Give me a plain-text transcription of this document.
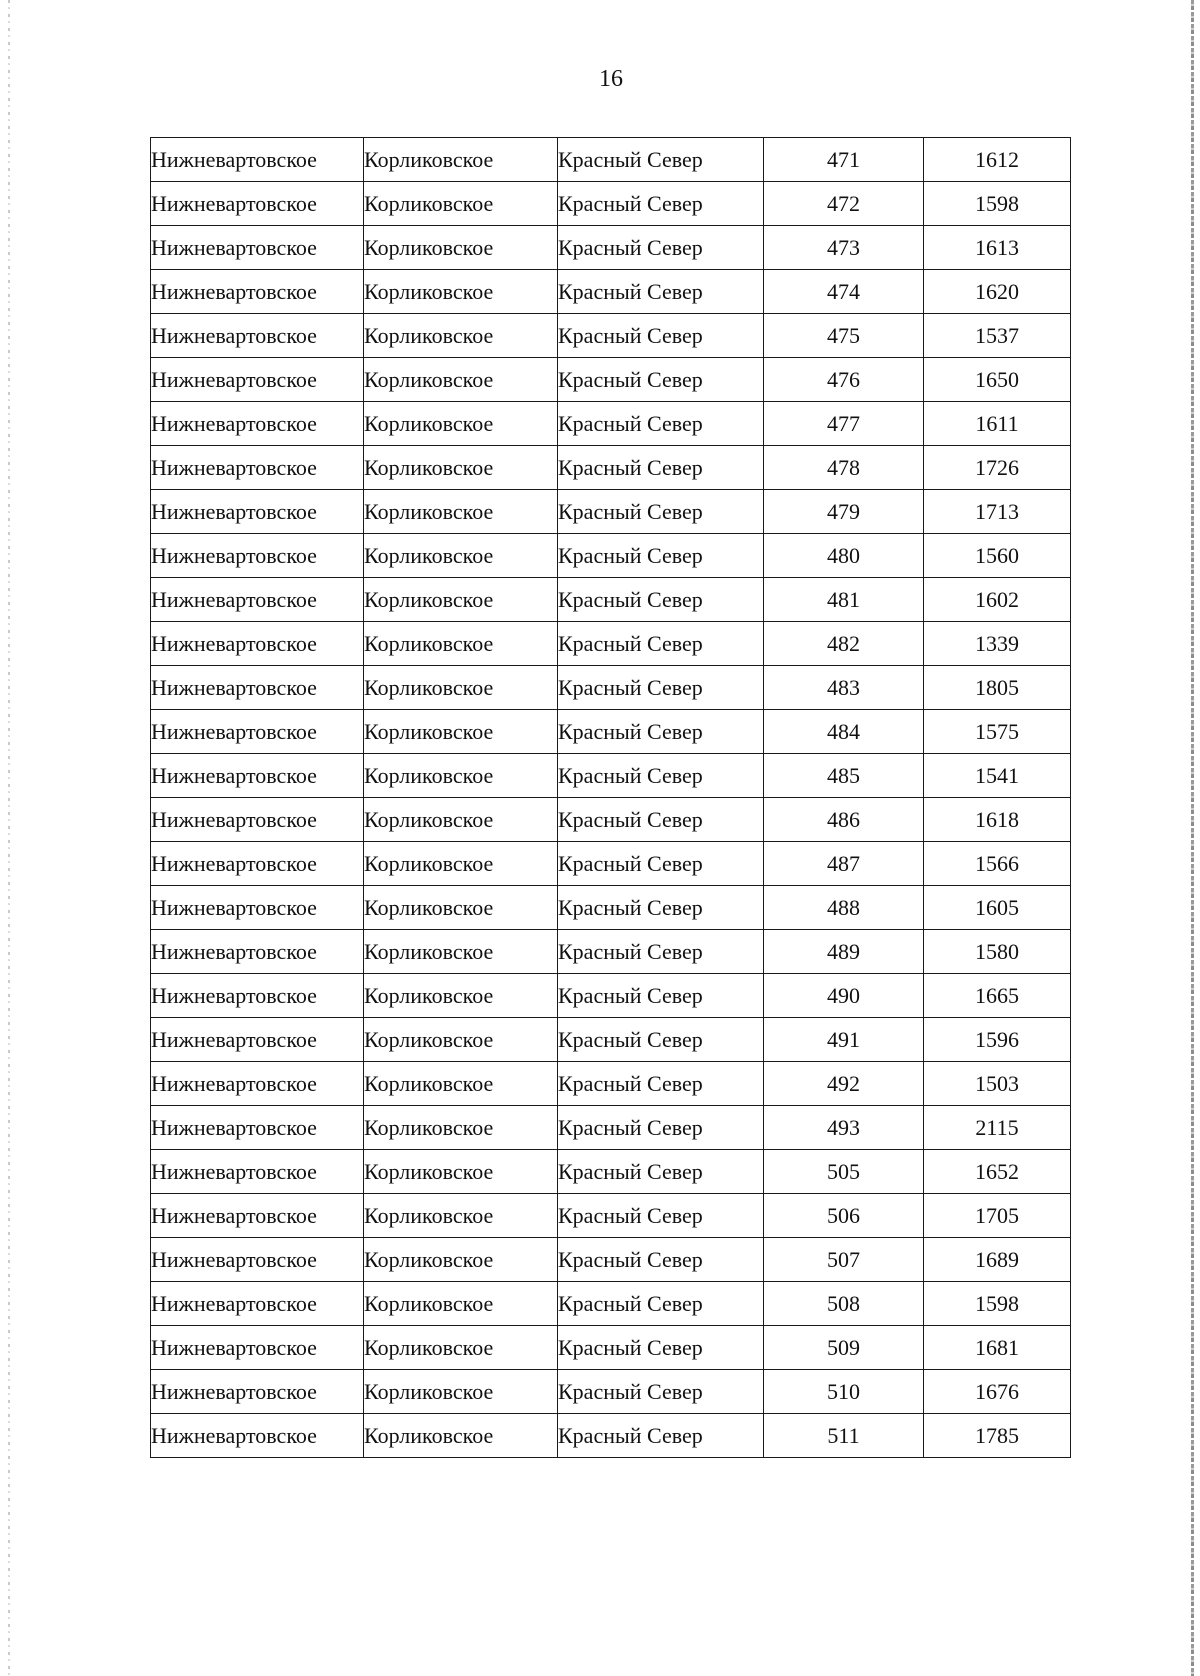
16
Нижневартовское	Корликовское	Красный Север	471	1612
Нижневартовское	Корликовское	Красный Север	472	1598
Нижневартовское	Корликовское	Красный Север	473	1613
Нижневартовское	Корликовское	Красный Север	474	1620
Нижневартовское	Корликовское	Красный Север	475	1537
Нижневартовское	Корликовское	Красный Север	476	1650
Нижневартовское	Корликовское	Красный Север	477	1611
Нижневартовское	Корликовское	Красный Север	478	1726
Нижневартовское	Корликовское	Красный Север	479	1713
Нижневартовское	Корликовское	Красный Север	480	1560
Нижневартовское	Корликовское	Красный Север	481	1602
Нижневартовское	Корликовское	Красный Север	482	1339
Нижневартовское	Корликовское	Красный Север	483	1805
Нижневартовское	Корликовское	Красный Север	484	1575
Нижневартовское	Корликовское	Красный Север	485	1541
Нижневартовское	Корликовское	Красный Север	486	1618
Нижневартовское	Корликовское	Красный Север	487	1566
Нижневартовское	Корликовское	Красный Север	488	1605
Нижневартовское	Корликовское	Красный Север	489	1580
Нижневартовское	Корликовское	Красный Север	490	1665
Нижневартовское	Корликовское	Красный Север	491	1596
Нижневартовское	Корликовское	Красный Север	492	1503
Нижневартовское	Корликовское	Красный Север	493	2115
Нижневартовское	Корликовское	Красный Север	505	1652
Нижневартовское	Корликовское	Красный Север	506	1705
Нижневартовское	Корликовское	Красный Север	507	1689
Нижневартовское	Корликовское	Красный Север	508	1598
Нижневартовское	Корликовское	Красный Север	509	1681
Нижневартовское	Корликовское	Красный Север	510	1676
Нижневартовское	Корликовское	Красный Север	511	1785
